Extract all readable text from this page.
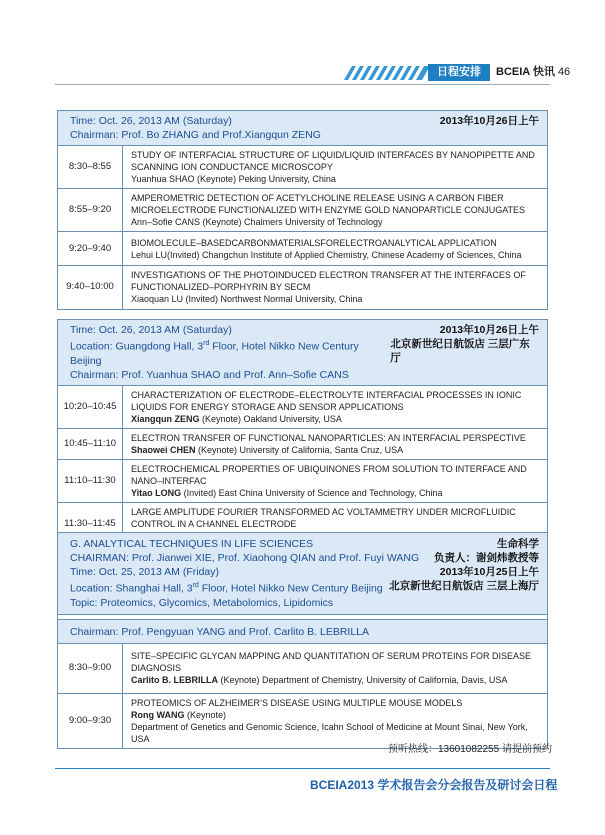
日程安排	BCEIA 快讯 46
Time: Oct. 26, 2013 AM (Saturday)	2013年10月26日上午
Chairman: Prof. Bo ZHANG and Prof.Xiangqun ZENG
8:30–8:55	STUDY OF INTERFACIAL STRUCTURE OF LIQUID/LIQUID INTERFACES BY NANOPIPETTE AND SCANNING ION CONDUCTANCE MICROSCOPY
Yuanhua SHAO (Keynote) Peking University, China
8:55–9:20	AMPEROMETRIC DETECTION OF ACETYLCHOLINE RELEASE USING A CARBON FIBER MICROELECTRODE FUNCTIONALIZED WITH ENZYME GOLD NANOPARTICLE CONJUGATES
Ann–Sofie CANS (Keynote) Chalmers University of Technology
9:20–9:40	BIOMOLECULE–BASEDCARBONMATERIALSFORELECTROANALYTICAL APPLICATION
Lehui LU(Invited) Changchun Institute of Applied Chemistry, Chinese Academy of Sciences, China
9:40–10:00	INVESTIGATIONS OF THE PHOTOINDUCED ELECTRON TRANSFER AT THE INTERFACES OF FUNCTIONALIZED–PORPHYRIN BY SECM
Xiaoquan LU (Invited) Northwest Normal University, China
Time: Oct. 26, 2013 AM (Saturday)	2013年10月26日上午
Location: Guangdong Hall, 3rd Floor, Hotel Nikko New Century Beijing
北京新世纪日航饭店 三层广东厅
Chairman: Prof. Yuanhua SHAO and Prof. Ann–Sofie CANS
10:20–10:45	CHARACTERIZATION OF ELECTRODE–ELECTROLYTE INTERFACIAL PROCESSES IN IONIC LIQUIDS FOR ENERGY STORAGE AND SENSOR APPLICATIONS
Xiangqun ZENG (Keynote) Oakland University, USA
10:45–11:10	ELECTRON TRANSFER OF FUNCTIONAL NANOPARTICLES: AN INTERFACIAL PERSPECTIVE
Shaowei CHEN (Keynote) University of California, Santa Cruz, USA
11:10–11:30	ELECTROCHEMICAL PROPERTIES OF UBIQUINONES FROM SOLUTION TO INTERFACE AND NANO–INTERFAC
Yitao LONG (Invited) East China University of Science and Technology, China
11:30–11:45	LARGE AMPLITUDE FOURIER TRANSFORMED AC VOLTAMMETRY UNDER MICROFLUIDIC CONTROL IN A CHANNEL ELECTRODE
G. ANALYTICAL TECHNIQUES IN LIFE SCIENCES	生命科学
CHAIRMAN: Prof. Jianwei XIE, Prof. Xiaohong QIAN and Prof. Fuyi WANG 负责人：谢剑炜教授等
Time: Oct. 25, 2013 AM (Friday)	2013年10月25日上午
Location: Shanghai Hall, 3rd Floor, Hotel Nikko New Century Beijing 北京新世纪日航饭店 三层上海厅
Topic: Proteomics, Glycomics, Metabolomics, Lipidomics
Chairman: Prof. Pengyuan YANG and Prof. Carlito B. LEBRILLA
8:30–9:00	SITE–SPECIFIC GLYCAN MAPPING AND QUANTITATION OF SERUM PROTEINS FOR DISEASE DIAGNOSIS
Carlito B. LEBRILLA (Keynote) Department of Chemistry, University of California, Davis, USA
9:00–9:30	PROTEOMICS OF ALZHEIMER’S DISEASE USING MULTIPLE MOUSE MODELS
Rong WANG (Keynote)
Department of Genetics and Genomic Science, Icahn School of Medicine at Mount Sinai, New York, USA
预听热线：13601082255 请提前预约
BCEIA2013 学术报告会分会报告及研讨会日程
